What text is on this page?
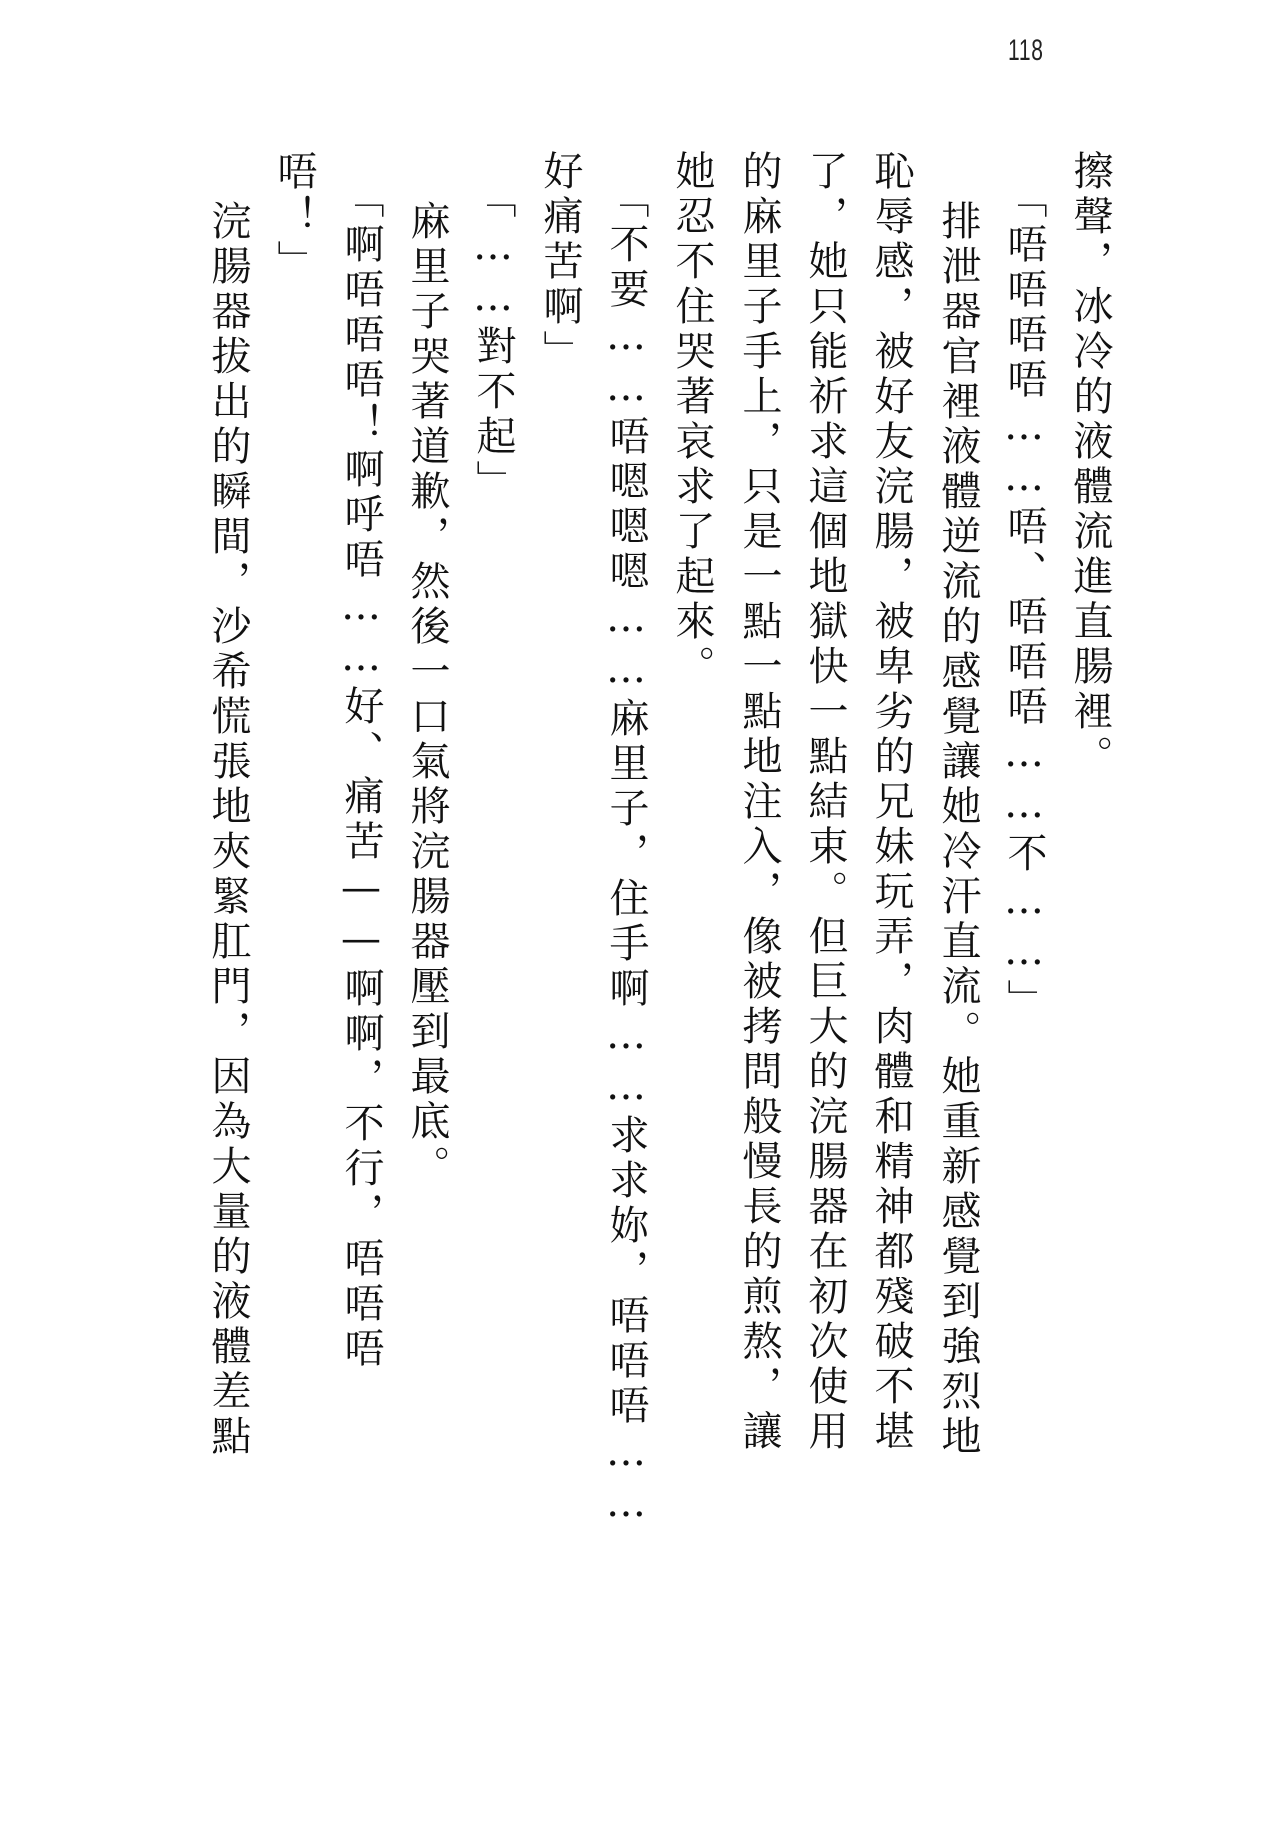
118
擦聲，冰冷的液體流進直腸裡。
「唔唔唔唔……唔、唔唔唔……不……」
排泄器官裡液體逆流的感覺讓她冷汗直流。她重新感覺到強烈地
恥辱感，被好友浣腸，被卑劣的兄妹玩弄，肉體和精神都殘破不堪
了，她只能祈求這個地獄快一點結束。但巨大的浣腸器在初次使用
的麻里子手上，只是一點一點地注入，像被拷問般慢長的煎熬，讓
她忍不住哭著哀求了起來。
「不要……唔嗯嗯嗯……麻里子，住手啊……求求妳，唔唔唔……
好痛苦啊」
「……對不起」
麻里子哭著道歉，然後一口氣將浣腸器壓到最底。
「啊唔唔唔！啊呼唔……好、痛苦——啊啊，不行，唔唔唔
唔！」
浣腸器拔出的瞬間，沙希慌張地夾緊肛門，因為大量的液體差點
